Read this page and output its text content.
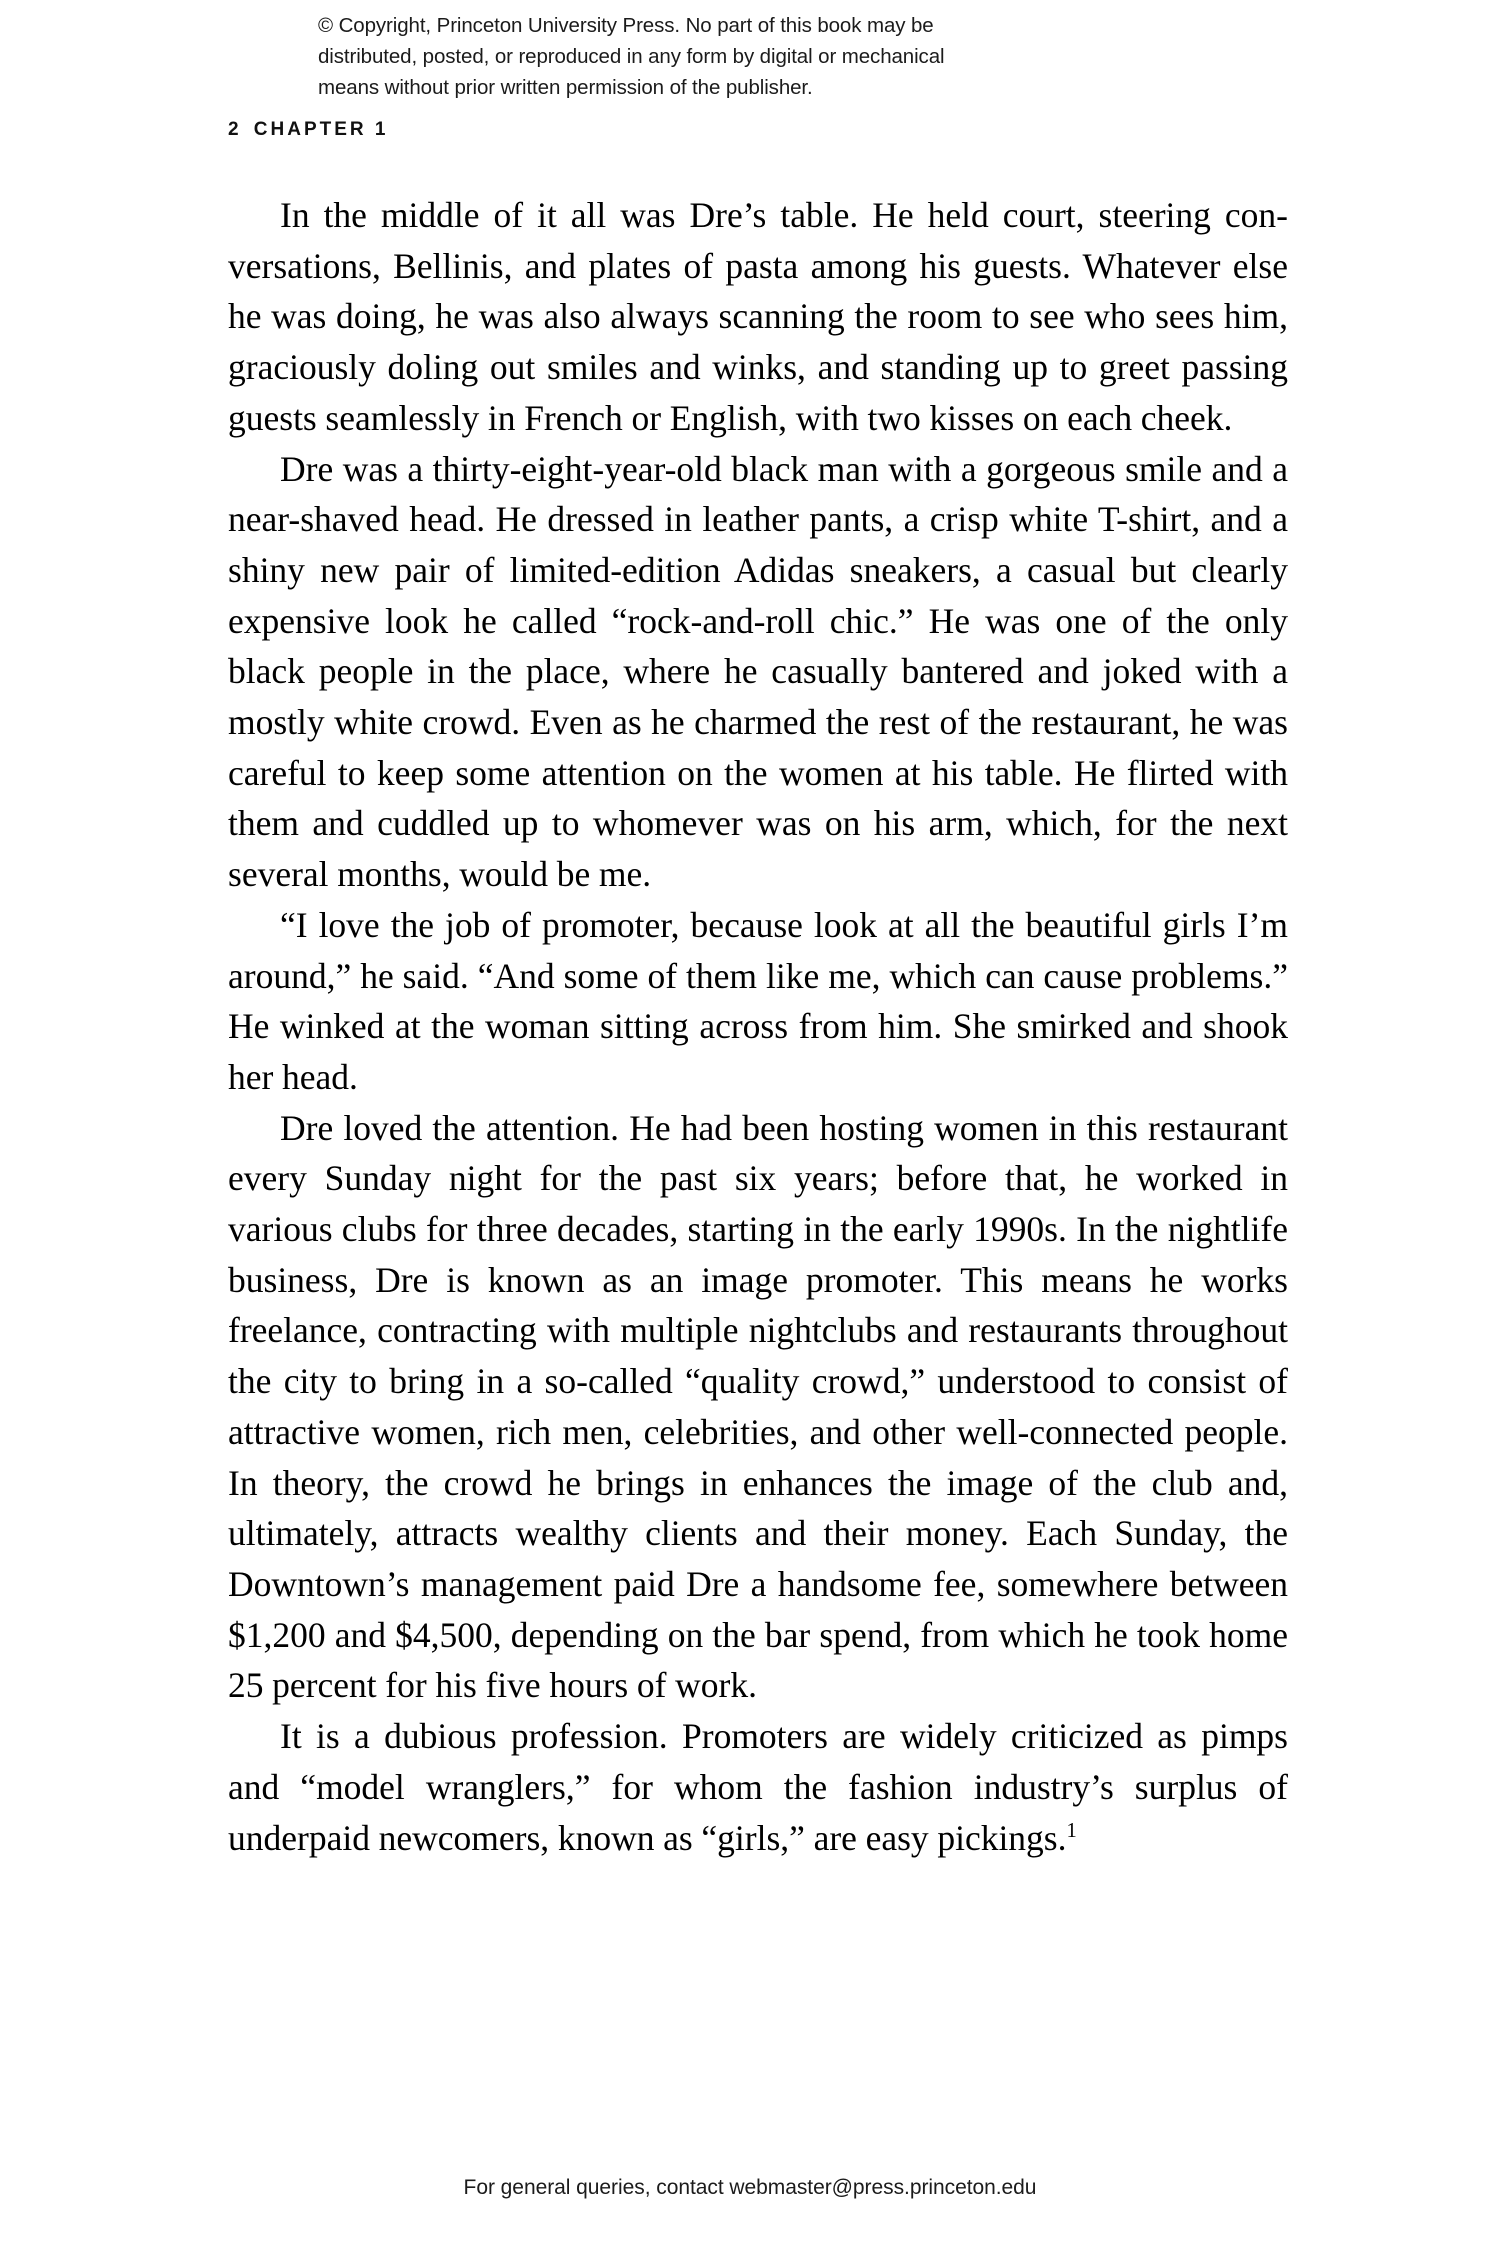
© Copyright, Princeton University Press. No part of this book may be
distributed, posted, or reproduced in any form by digital or mechanical
means without prior written permission of the publisher.
2 CHAPTER 1

In the middle of it all was Dre’s table. He held court, steering conversations, Bellinis, and plates of pasta among his guests. Whatever else he was doing, he was also always scanning the room to see who sees him, graciously doling out smiles and winks, and standing up to greet passing guests seamlessly in French or English, with two kisses on each cheek.

Dre was a thirty-eight-year-old black man with a gorgeous smile and a near-shaved head. He dressed in leather pants, a crisp white T-shirt, and a shiny new pair of limited-edition Adidas sneakers, a casual but clearly expensive look he called “rock-and-roll chic.” He was one of the only black people in the place, where he casually bantered and joked with a mostly white crowd. Even as he charmed the rest of the restaurant, he was careful to keep some attention on the women at his table. He flirted with them and cuddled up to whomever was on his arm, which, for the next several months, would be me.

“I love the job of promoter, because look at all the beautiful girls I’m around,” he said. “And some of them like me, which can cause problems.” He winked at the woman sitting across from him. She smirked and shook her head.

Dre loved the attention. He had been hosting women in this restaurant every Sunday night for the past six years; before that, he worked in various clubs for three decades, starting in the early 1990s. In the nightlife business, Dre is known as an image promoter. This means he works freelance, contracting with multiple nightclubs and restaurants throughout the city to bring in a so-called “quality crowd,” understood to consist of attractive women, rich men, celebrities, and other well-connected people. In theory, the crowd he brings in enhances the image of the club and, ultimately, attracts wealthy clients and their money. Each Sunday, the Downtown’s management paid Dre a handsome fee, somewhere between $1,200 and $4,500, depending on the bar spend, from which he took home 25 percent for his five hours of work.

It is a dubious profession. Promoters are widely criticized as pimps and “model wranglers,” for whom the fashion industry’s surplus of underpaid newcomers, known as “girls,” are easy pickings.$^1$

For general queries, contact webmaster@press.princeton.edu
